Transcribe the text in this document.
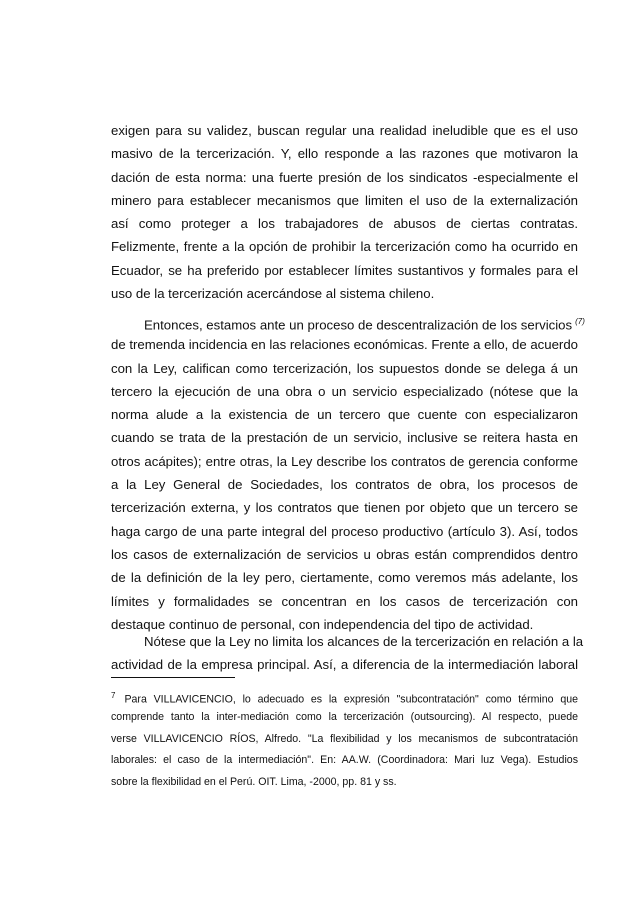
exigen para su validez, buscan regular una realidad ineludible que es el uso
masivo de la tercerización. Y, ello responde a las razones que motivaron la
dación de esta norma: una fuerte presión de los sindicatos -especialmente el
minero para establecer mecanismos que limiten el uso de la externalización
así como proteger a los trabajadores de abusos de ciertas contratas.
Felizmente, frente a la opción de prohibir la tercerización como ha ocurrido en
Ecuador, se ha preferido por establecer límites sustantivos y formales para el
uso de la tercerización acercándose al sistema chileno.
Entonces, estamos ante un proceso de descentralización de los servicios $^{(7)}$
de tremenda incidencia en las relaciones económicas. Frente a ello, de acuerdo
con la Ley, califican como tercerización, los supuestos donde se delega á un
tercero la ejecución de una obra o un servicio especializado (nótese que la
norma alude a la existencia de un tercero que cuente con especializaron
cuando se trata de la prestación de un servicio, inclusive se reitera hasta en
otros acápites); entre otras, la Ley describe los contratos de gerencia conforme
a la Ley General de Sociedades, los contratos de obra, los procesos de
tercerización externa, y los contratos que tienen por objeto que un tercero se
haga cargo de una parte integral del proceso productivo (artículo 3). Así, todos
los casos de externalización de servicios u obras están comprendidos dentro
de la definición de la ley pero, ciertamente, como veremos más adelante, los
límites y formalidades se concentran en los casos de tercerización con
destaque continuo de personal, con independencia del tipo de actividad.
Nótese que la Ley no limita los alcances de la tercerización en relación a la
actividad de la empresa principal. Así, a diferencia de la intermediación laboral
$^7$ Para VILLAVICENCIO, lo adecuado es la expresión "subcontratación" como término que
comprende tanto la inter-mediación como la tercerización (outsourcing). Al respecto, puede
verse VILLAVICENCIO RÍOS, Alfredo. "La flexibilidad y los mecanismos de subcontratación
laborales: el caso de la intermediación". En: AA.W. (Coordinadora: Mari luz Vega). Estudios
sobre la flexibilidad en el Perú. OIT. Lima, -2000, pp. 81 y ss.
